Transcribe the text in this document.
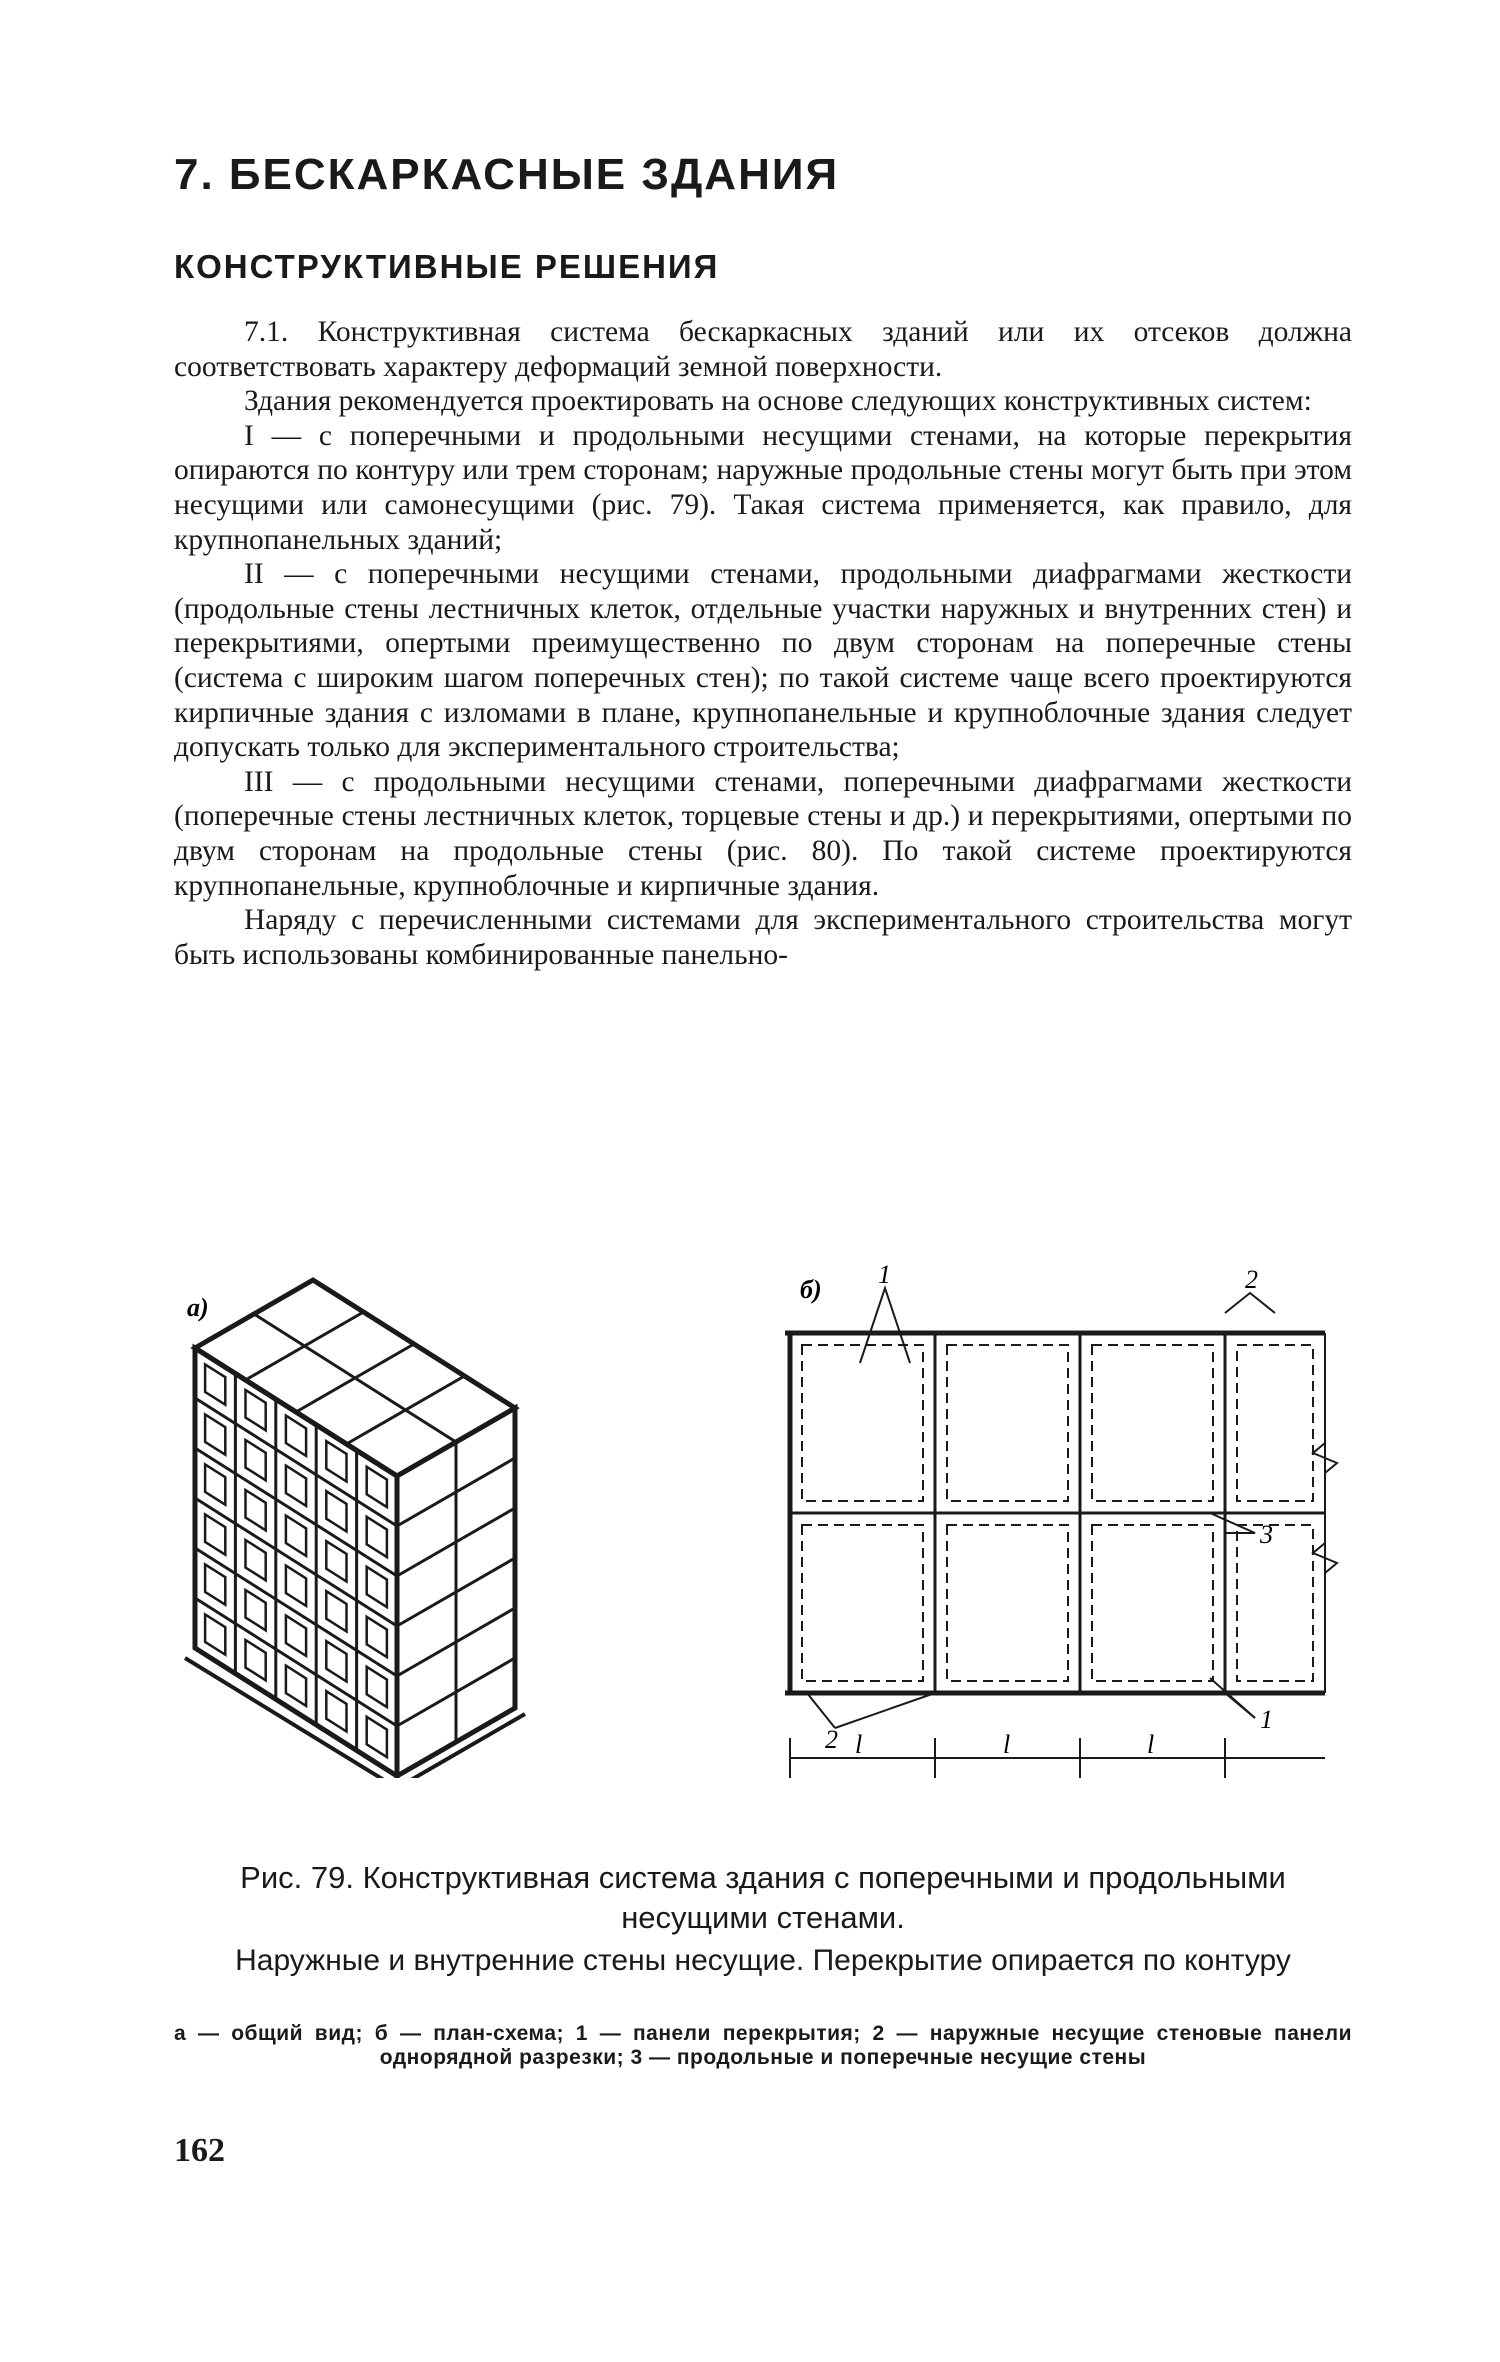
7. БЕСКАРКАСНЫЕ ЗДАНИЯ
КОНСТРУКТИВНЫЕ РЕШЕНИЯ

7.1. Конструктивная система бескаркасных зданий или их отсеков должна соответствовать характеру деформаций земной поверхности.

Здания рекомендуется проектировать на основе следующих конструктивных систем:

I — с поперечными и продольными несущими стенами, на которые перекрытия опираются по контуру или трем сторонам; наружные продольные стены могут быть при этом несущими или самонесущими (рис. 79). Такая система применяется, как правило, для крупнопанельных зданий;

II — с поперечными несущими стенами, продольными диафрагмами жесткости (продольные стены лестничных клеток, отдельные участки наружных и внутренних стен) и перекрытиями, опертыми преимущественно по двум сторонам на поперечные стены (система с широким шагом поперечных стен); по такой системе чаще всего проектируются кирпичные здания с изломами в плане, крупнопанельные и крупноблочные здания следует допускать только для экспериментального строительства;

III — с продольными несущими стенами, поперечными диафрагмами жесткости (поперечные стены лестничных клеток, торцевые стены и др.) и перекрытиями, опертыми по двум сторонам на продольные стены (рис. 80). По такой системе проектируются крупнопанельные, крупноблочные и кирпичные здания.

Наряду с перечисленными системами для экспериментального строительства могут быть использованы комбинированные панельно-

а)
б)
1	2
3
2
1
l	l	l
Рис. 79. Конструктивная система здания с поперечными и продольными несущими стенами.
Наружные и внутренние стены несущие. Перекрытие опирается по контуру
а — общий вид; б — план-схема; 1 — панели перекрытия; 2 — наружные несущие стеновые панели однорядной разрезки; 3 — продольные и поперечные несущие стены
162
